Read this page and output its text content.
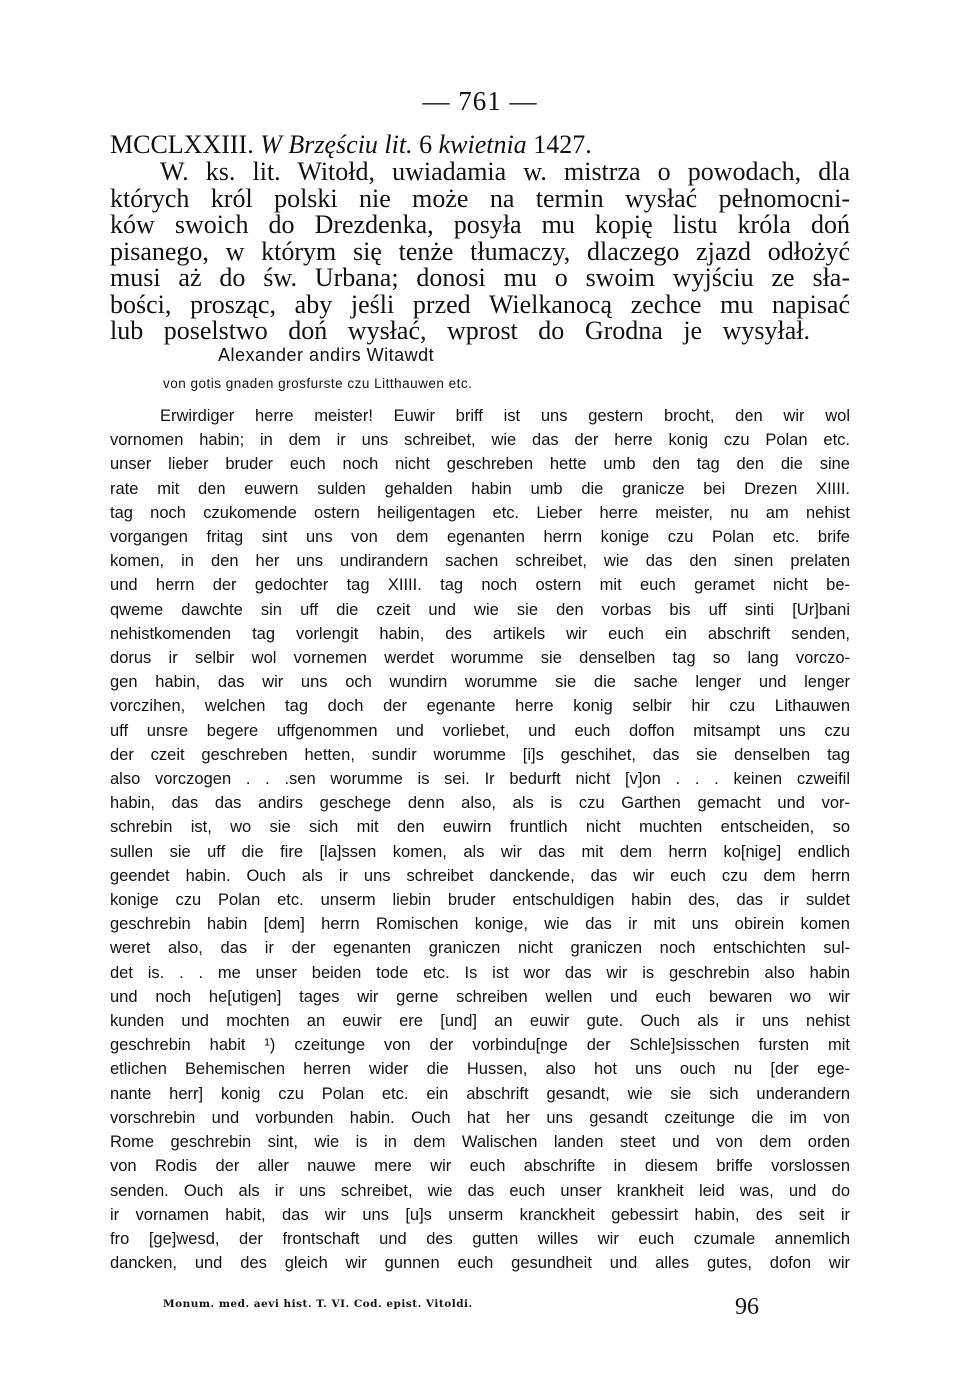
— 761 —
MCCLXXIII. W Brzęściu lit. 6 kwietnia 1427.
W. ks. lit. Witołd, uwiadamia w. mistrza o powodach, dla
których król polski nie może na termin wysłać pełnomocni-
ków swoich do Drezdenka, posyła mu kopię listu króla doń
pisanego, w którym się tenże tłumaczy, dlaczego zjazd odłożyć
musi aż do św. Urbana; donosi mu o swoim wyjściu ze sła-
bości, prosząc, aby jeśli przed Wielkanocą zechce mu napisać
lub poselstwo doń wysłać, wprost do Grodna je wysyłał.
Alexander andirs Witawdt
von gotis gnaden grosfurste czu Litthauwen etc.
Erwirdiger herre meister! Euwir briff ist uns gestern brocht, den wir wol
vornomen habin; in dem ir uns schreibet, wie das der herre konig czu Polan etc.
unser lieber bruder euch noch nicht geschreben hette umb den tag den die sine
rate mit den euwern sulden gehalden habin umb die granicze bei Drezen XIIII.
tag noch czukomende ostern heiligentagen etc. Lieber herre meister, nu am nehist
vorgangen fritag sint uns von dem egenanten herrn konige czu Polan etc. brife
komen, in den her uns undirandern sachen schreibet, wie das den sinen prelaten
und herrn der gedochter tag XIIII. tag noch ostern mit euch geramet nicht be-
qweme dawchte sin uff die czeit und wie sie den vorbas bis uff sinti [Ur]bani
nehistkomenden tag vorlengit habin, des artikels wir euch ein abschrift senden,
dorus ir selbir wol vornemen werdet worumme sie denselben tag so lang vorczo-
gen habin, das wir uns och wundirn worumme sie die sache lenger und lenger
vorczihen, welchen tag doch der egenante herre konig selbir hir czu Lithauwen
uff unsre begere uffgenommen und vorliebet, und euch doffon mitsampt uns czu
der czeit geschreben hetten, sundir worumme [i]s geschihet, das sie denselben tag
also vorczogen . . .sen worumme is sei. Ir bedurft nicht [v]on . . . keinen czweifil
habin, das das andirs geschege denn also, als is czu Garthen gemacht und vor-
schrebin ist, wo sie sich mit den euwirn fruntlich nicht muchten entscheiden, so
sullen sie uff die fire [la]ssen komen, als wir das mit dem herrn ko[nige] endlich
geendet habin. Ouch als ir uns schreibet danckende, das wir euch czu dem herrn
konige czu Polan etc. unserm liebin bruder entschuldigen habin des, das ir suldet
geschrebin habin [dem] herrn Romischen konige, wie das ir mit uns obirein komen
weret also, das ir der egenanten graniczen nicht graniczen noch entschichten sul-
det is. . . me unser beiden tode etc. Is ist wor das wir is geschrebin also habin
und noch he[utigen] tages wir gerne schreiben wellen und euch bewaren wo wir
kunden und mochten an euwir ere [und] an euwir gute. Ouch als ir uns nehist
geschrebin habit ¹) czeitunge von der vorbindu[nge der Schle]sisschen fursten mit
etlichen Behemischen herren wider die Hussen, also hot uns ouch nu [der ege-
nante herr] konig czu Polan etc. ein abschrift gesandt, wie sie sich underandern
vorschrebin und vorbunden habin. Ouch hat her uns gesandt czeitunge die im von
Rome geschrebin sint, wie is in dem Walischen landen steet und von dem orden
von Rodis der aller nauwe mere wir euch abschrifte in diesem briffe vorslossen
senden. Ouch als ir uns schreibet, wie das euch unser krankheit leid was, und do
ir vornamen habit, das wir uns [u]s unserm kranckheit gebessirt habin, des seit ir
fro [ge]wesd, der frontschaft und des gutten willes wir euch czumale annemlich
dancken, und des gleich wir gunnen euch gesundheit und alles gutes, dofon wir
Monum. med. aevi hist. T. VI. Cod. epist. Vitoldi.	96
